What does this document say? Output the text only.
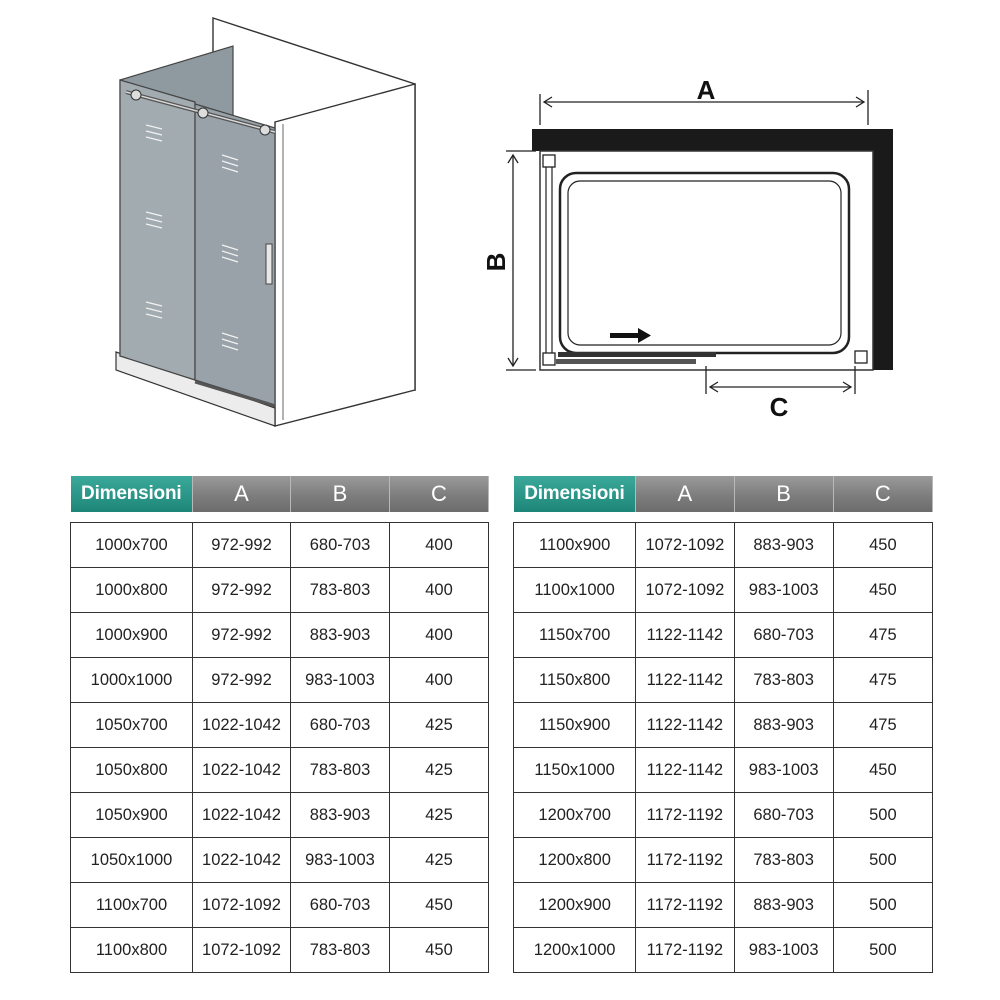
A
B
C
Dimensioni	A	B	C

1000x700	972-992	680-703	400
1000x800	972-992	783-803	400
1000x900	972-992	883-903	400
1000x1000	972-992	983-1003	400
1050x700	1022-1042	680-703	425
1050x800	1022-1042	783-803	425
1050x900	1022-1042	883-903	425
1050x1000	1022-1042	983-1003	425
1100x700	1072-1092	680-703	450
1100x800	1072-1092	783-803	450
Dimensioni	A	B	C

1100x900	1072-1092	883-903	450
1100x1000	1072-1092	983-1003	450
1150x700	1122-1142	680-703	475
1150x800	1122-1142	783-803	475
1150x900	1122-1142	883-903	475
1150x1000	1122-1142	983-1003	450
1200x700	1172-1192	680-703	500
1200x800	1172-1192	783-803	500
1200x900	1172-1192	883-903	500
1200x1000	1172-1192	983-1003	500
